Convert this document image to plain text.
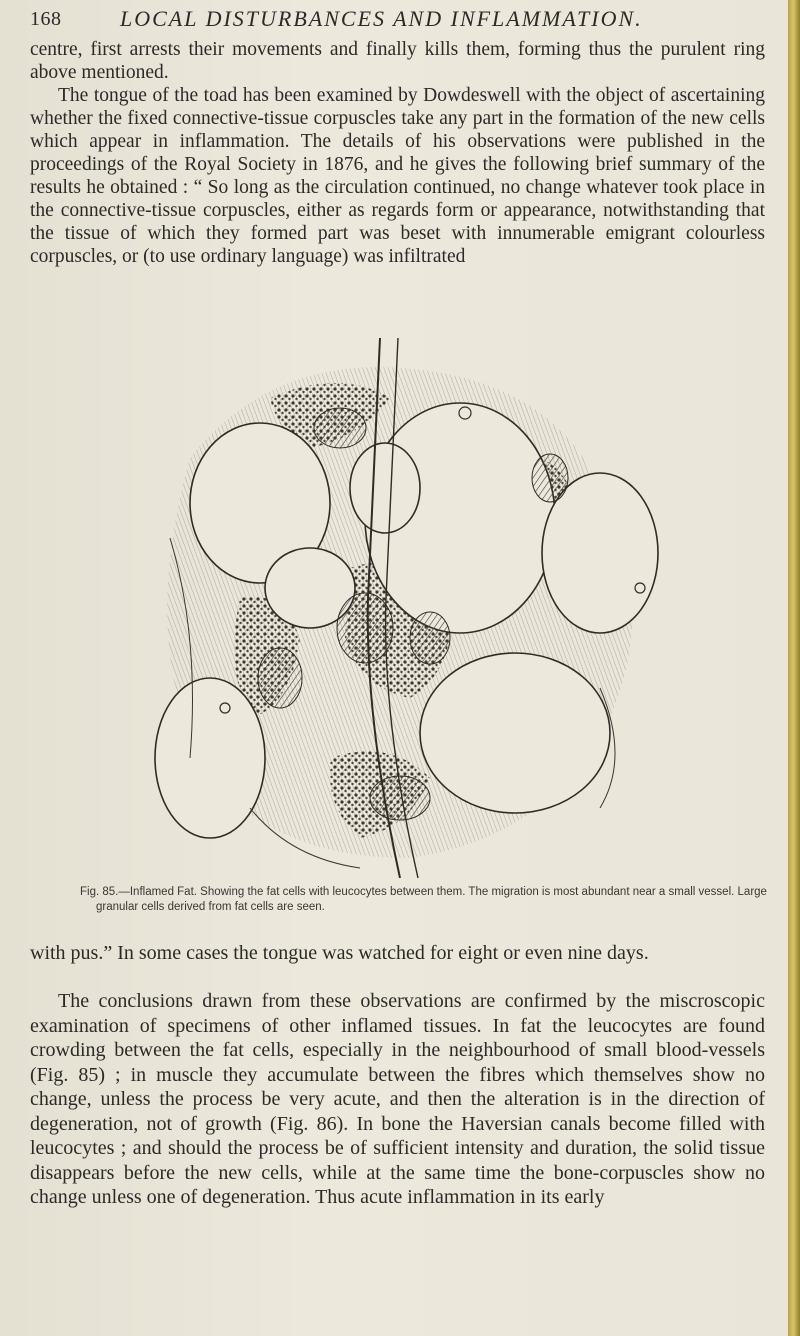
168	LOCAL DISTURBANCES AND INFLAMMATION.

centre, first arrests their movements and finally kills them, forming thus the purulent ring above mentioned.

The tongue of the toad has been examined by Dowdeswell with the object of ascertaining whether the fixed connective-tissue corpuscles take any part in the formation of the new cells which appear in inflammation. The details of his observations were published in the proceedings of the Royal Society in 1876, and he gives the following brief summary of the results he obtained : “ So long as the circulation continued, no change whatever took place in the connective-tissue corpuscles, either as regards form or appearance, notwithstanding that the tissue of which they formed part was beset with innumerable emigrant colourless corpuscles, or (to use ordinary language) was infiltrated

Fig. 85.—Inflamed Fat. Showing the fat cells with leucocytes between them. The migration is most abundant near a small vessel. Large granular cells derived from fat cells are seen.

with pus.” In some cases the tongue was watched for eight or even nine days.

The conclusions drawn from these observations are confirmed by the miscroscopic examination of specimens of other inflamed tissues. In fat the leucocytes are found crowding between the fat cells, especially in the neighbourhood of small blood-vessels (Fig. 85) ; in muscle they accumulate between the fibres which themselves show no change, unless the process be very acute, and then the alteration is in the direction of degeneration, not of growth (Fig. 86). In bone the Haversian canals become filled with leucocytes ; and should the process be of sufficient intensity and duration, the solid tissue disappears before the new cells, while at the same time the bone-corpuscles show no change unless one of degeneration. Thus acute inflammation in its early
